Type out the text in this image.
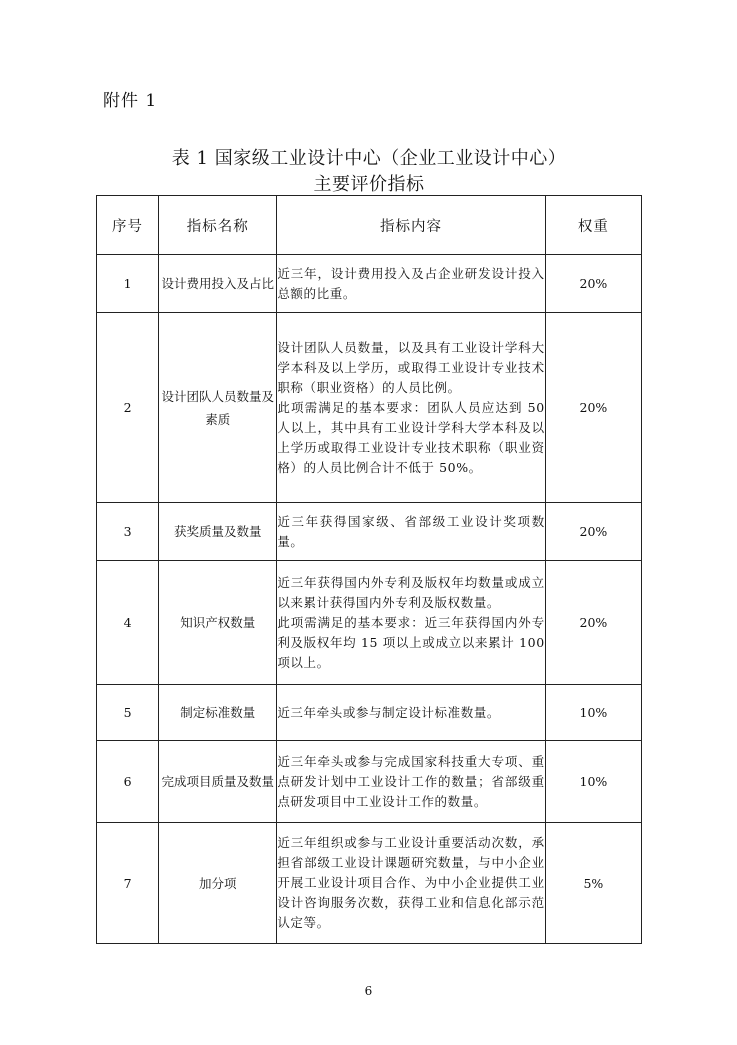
附件 1
表 1 国家级工业设计中心（企业工业设计中心）
主要评价指标
序号	指标名称	指标内容	权重
1	设计费用投入及占比	近三年，设计费用投入及占企业研发设计投入总额的比重。	20%
2	设计团队人员数量及素质	设计团队人员数量，以及具有工业设计学科大学本科及以上学历，或取得工业设计专业技术职称（职业资格）的人员比例。
此项需满足的基本要求：团队人员应达到 50 人以上，其中具有工业设计学科大学本科及以上学历或取得工业设计专业技术职称（职业资格）的人员比例合计不低于 50%。	20%
3	获奖质量及数量	近三年获得国家级、省部级工业设计奖项数量。	20%
4	知识产权数量	近三年获得国内外专利及版权年均数量或成立以来累计获得国内外专利及版权数量。
此项需满足的基本要求：近三年获得国内外专利及版权年均 15 项以上或成立以来累计 100 项以上。	20%
5	制定标准数量	近三年牵头或参与制定设计标准数量。	10%
6	完成项目质量及数量	近三年牵头或参与完成国家科技重大专项、重点研发计划中工业设计工作的数量；省部级重点研发项目中工业设计工作的数量。	10%
7	加分项	近三年组织或参与工业设计重要活动次数，承担省部级工业设计课题研究数量，与中小企业开展工业设计项目合作、为中小企业提供工业设计咨询服务次数，获得工业和信息化部示范认定等。	5%
6
